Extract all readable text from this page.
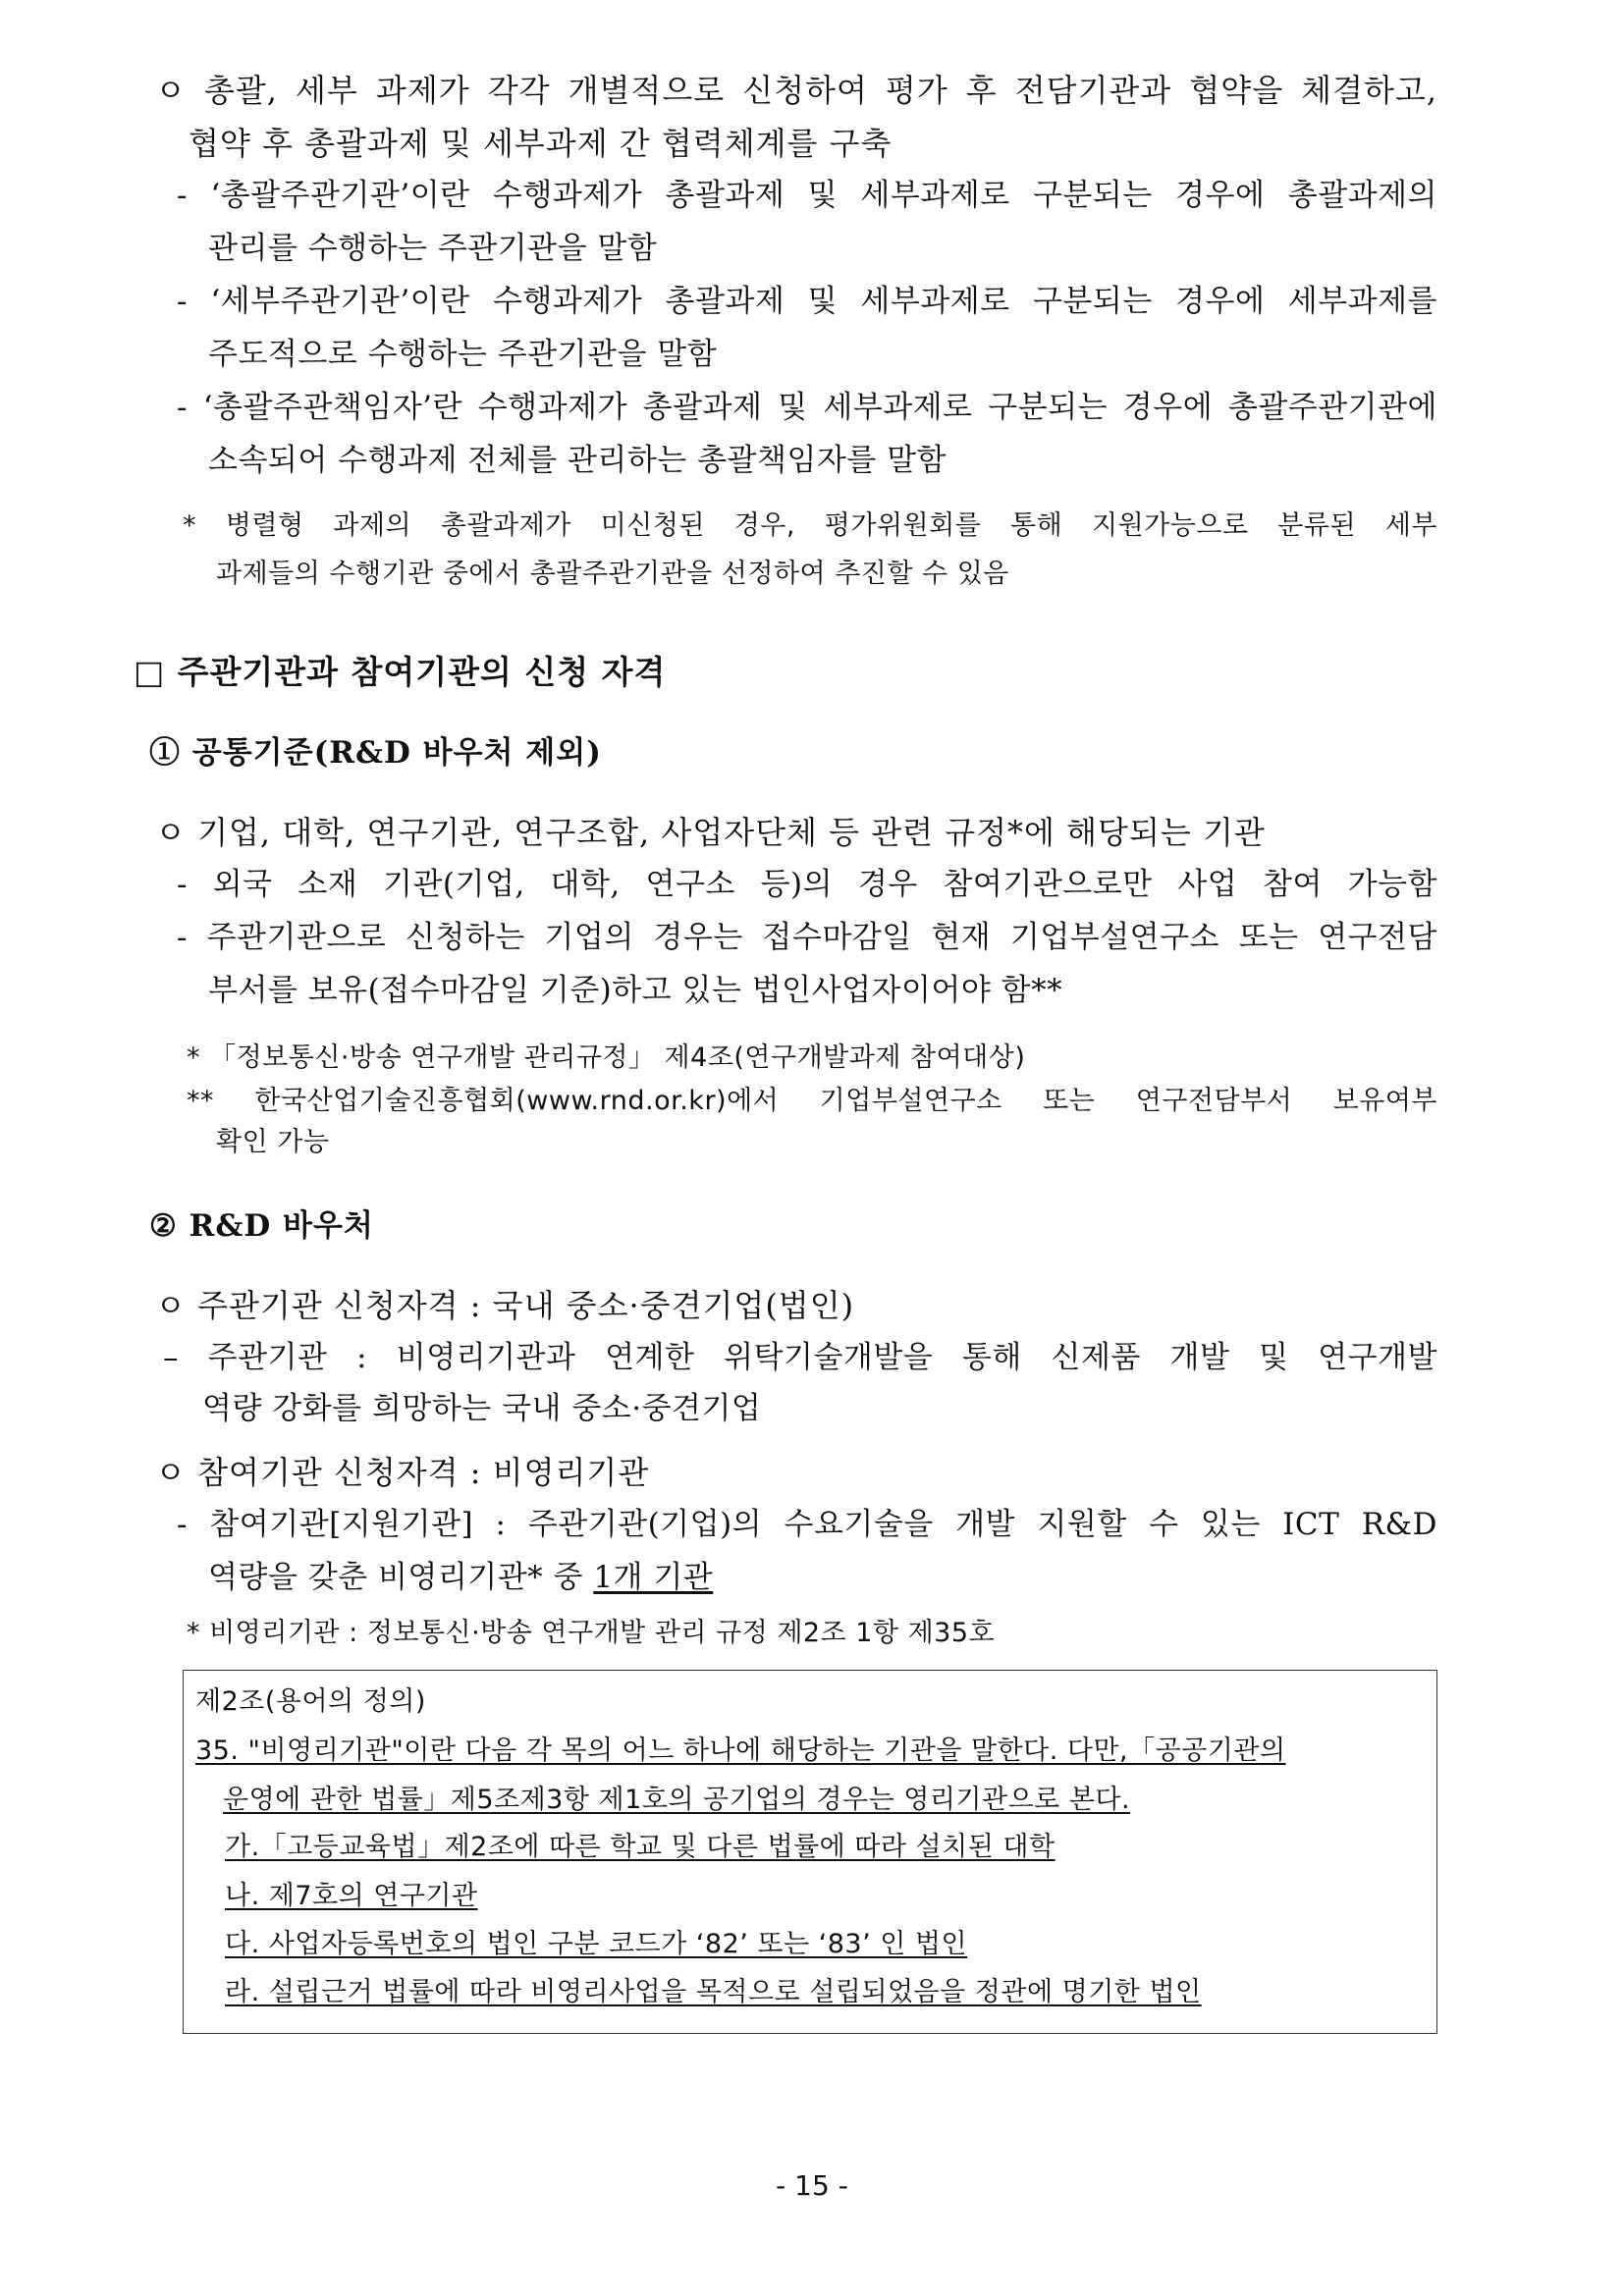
ㅇ 총괄, 세부 과제가 각각 개별적으로 신청하여 평가 후 전담기관과 협약을 체결하고,
협약 후 총괄과제 및 세부과제 간 협력체계를 구축
- ‘총괄주관기관’이란 수행과제가 총괄과제 및 세부과제로 구분되는 경우에 총괄과제의
관리를 수행하는 주관기관을 말함
- ‘세부주관기관’이란 수행과제가 총괄과제 및 세부과제로 구분되는 경우에 세부과제를
주도적으로 수행하는 주관기관을 말함
- ‘총괄주관책임자’란 수행과제가 총괄과제 및 세부과제로 구분되는 경우에 총괄주관기관에
소속되어 수행과제 전체를 관리하는 총괄책임자를 말함
* 병렬형 과제의 총괄과제가 미신청된 경우, 평가위원회를 통해 지원가능으로 분류된 세부
과제들의 수행기관 중에서 총괄주관기관을 선정하여 추진할 수 있음
□ 주관기관과 참여기관의 신청 자격
① 공통기준(R&D 바우처 제외)
ㅇ 기업, 대학, 연구기관, 연구조합, 사업자단체 등 관련 규정*에 해당되는 기관
- 외국 소재 기관(기업, 대학, 연구소 등)의 경우 참여기관으로만 사업 참여 가능함
- 주관기관으로 신청하는 기업의 경우는 접수마감일 현재 기업부설연구소 또는 연구전담
부서를 보유(접수마감일 기준)하고 있는 법인사업자이어야 함**
* 「정보통신·방송 연구개발 관리규정」 제4조(연구개발과제 참여대상)
** 한국산업기술진흥협회(www.rnd.or.kr)에서 기업부설연구소 또는 연구전담부서 보유여부
확인 가능
② R&D 바우처
ㅇ 주관기관 신청자격 : 국내 중소·중견기업(법인)
– 주관기관 : 비영리기관과 연계한 위탁기술개발을 통해 신제품 개발 및 연구개발
역량 강화를 희망하는 국내 중소·중견기업
ㅇ 참여기관 신청자격 : 비영리기관
- 참여기관[지원기관] : 주관기관(기업)의 수요기술을 개발 지원할 수 있는 ICT R&D
역량을 갖춘 비영리기관* 중 1개 기관
* 비영리기관 : 정보통신·방송 연구개발 관리 규정 제2조 1항 제35호
제2조(용어의 정의)
35. "비영리기관"이란 다음 각 목의 어느 하나에 해당하는 기관을 말한다. 다만,「공공기관의
운영에 관한 법률」제5조제3항 제1호의 공기업의 경우는 영리기관으로 본다.
가.「고등교육법」제2조에 따른 학교 및 다른 법률에 따라 설치된 대학
나. 제7호의 연구기관
다. 사업자등록번호의 법인 구분 코드가 ‘82’ 또는 ‘83’ 인 법인
라. 설립근거 법률에 따라 비영리사업을 목적으로 설립되었음을 정관에 명기한 법인
- 15 -
